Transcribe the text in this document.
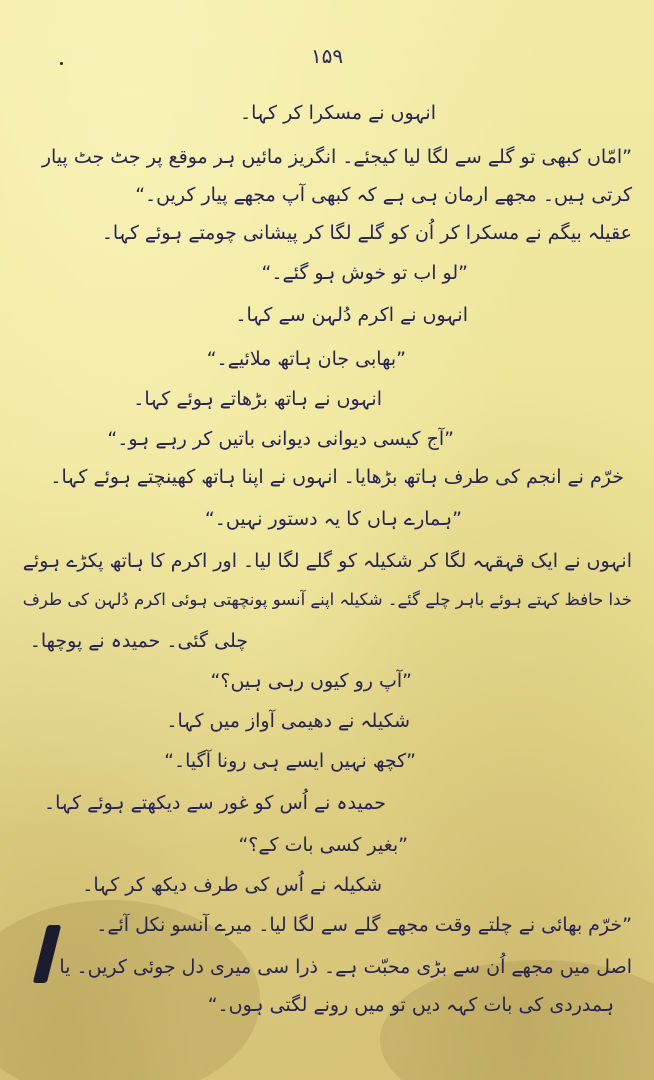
۱۵۹

انہوں نے مسکرا کر کہا۔

”امّاں کبھی تو گلے سے لگا لیا کیجئے۔ انگریز مائیں ہر موقع پر جٹ جٹ پیار

کرتی ہیں۔ مجھے ارمان ہی ہے کہ کبھی آپ مجھے پیار کریں۔“

عقیلہ بیگم نے مسکرا کر اُن کو گلے لگا کر پیشانی چومتے ہوئے کہا۔

”لو اب تو خوش ہو گئے۔“

انہوں نے اکرم دُلہن سے کہا۔

”بھابی جان ہاتھ ملائیے۔“

انہوں نے ہاتھ بڑھاتے ہوئے کہا۔

”آج کیسی دیوانی دیوانی باتیں کر رہے ہو۔“

خرّم نے انجم کی طرف ہاتھ بڑھایا۔ انہوں نے اپنا ہاتھ کھینچتے ہوئے کہا۔

”ہمارے ہاں کا یہ دستور نہیں۔“

انہوں نے ایک قہقہہ لگا کر شکیلہ کو گلے لگا لیا۔ اور اکرم کا ہاتھ پکڑے ہوئے

خدا حافظ کہتے ہوئے باہر چلے گئے۔ شکیلہ اپنے آنسو پونچھتی ہوئی اکرم دُلہن کی طرف

چلی گئی۔ حمیدہ نے پوچھا۔

”آپ رو کیوں رہی ہیں؟“

شکیلہ نے دھیمی آواز میں کہا۔

”کچھ نہیں ایسے ہی رونا آگیا۔“

حمیدہ نے اُس کو غور سے دیکھتے ہوئے کہا۔

”بغیر کسی بات کے؟“

شکیلہ نے اُس کی طرف دیکھ کر کہا۔

”خرّم بھائی نے چلتے وقت مجھے گلے سے لگا لیا۔ میرے آنسو نکل آئے۔

اصل میں مجھے اُن سے بڑی محبّت ہے۔ ذرا سی میری دل جوئی کریں۔ یا

ہمدردی کی بات کہہ دیں تو میں رونے لگتی ہوں۔“
